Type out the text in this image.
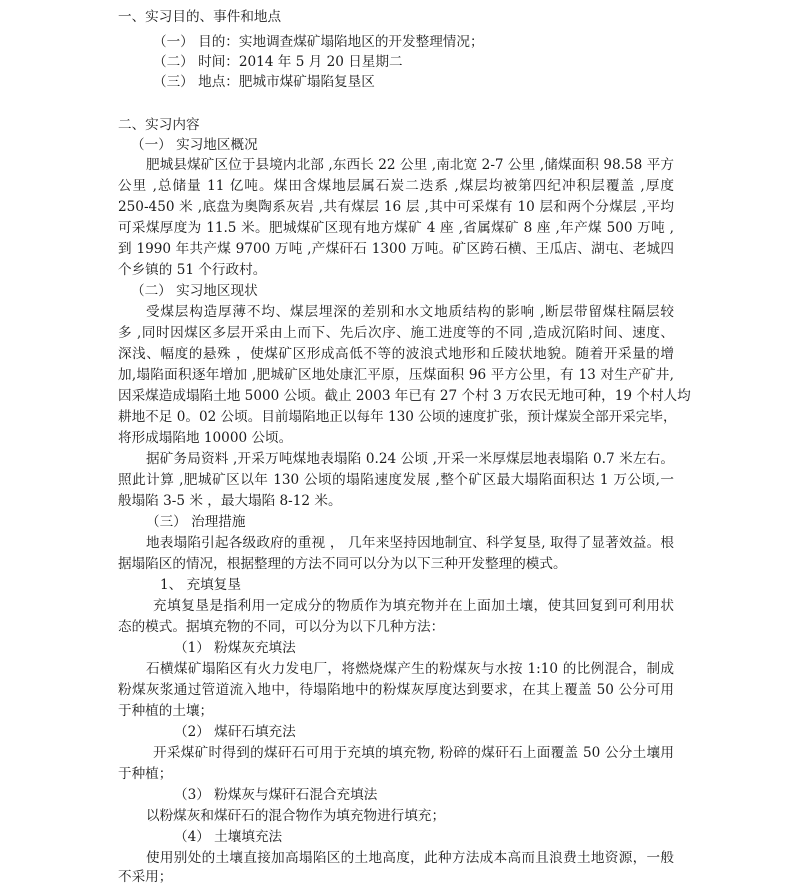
一、实习目的、事件和地点
（一） 目的：实地调查煤矿塌陷地区的开发整理情况；
（二） 时间：2014 年 5 月 20 日星期二
（三） 地点：肥城市煤矿塌陷复垦区
二、实习内容
（一） 实习地区概况
肥城县煤矿区位于县境内北部 ,东西长 22 公里 ,南北宽 2-7 公里 ,储煤面积 98.58 平方
公里 ,总储量 11 亿吨。煤田含煤地层属石炭二迭系 ,煤层均被第四纪冲积层覆盖 ,厚度
250-450 米 ,底盘为奥陶系灰岩 ,共有煤层 16 层 ,其中可采煤有 10 层和两个分煤层 ,平均
可采煤厚度为 11.5 米。肥城煤矿区现有地方煤矿 4 座 ,省属煤矿 8 座 ,年产煤 500 万吨 ,
到 1990 年共产煤 9700 万吨 ,产煤矸石 1300 万吨。矿区跨石横、王瓜店、湖屯、老城四
个乡镇的 51 个行政村。
（二） 实习地区现状
受煤层构造厚薄不均、煤层埋深的差别和水文地质结构的影响 ,断层带留煤柱隔层较
多 ,同时因煤区多层开采由上而下、先后次序、施工进度等的不同 ,造成沉陷时间、速度、
深浅、幅度的悬殊 ，使煤矿区形成高低不等的波浪式地形和丘陵状地貌。随着开采量的增
加,塌陷面积逐年增加 ,肥城矿区地处康汇平原，压煤面积 96 平方公里，有 13 对生产矿井,
因采煤造成塌陷土地 5000 公顷。截止 2003 年已有 27 个村 3 万农民无地可种，19 个村人均
耕地不足 0。02 公顷。目前塌陷地正以每年 130 公顷的速度扩张，预计煤炭全部开采完毕，
将形成塌陷地 10000 公顷。
据矿务局资料 ,开采万吨煤地表塌陷 0.24 公顷 ,开采一米厚煤层地表塌陷 0.7 米左右。
照此计算 ,肥城矿区以年 130 公顷的塌陷速度发展 ,整个矿区最大塌陷面积达 1 万公顷,一
般塌陷 3-5 米 ，最大塌陷 8-12 米。
（三） 治理措施
地表塌陷引起各级政府的重视 ， 几年来坚持因地制宜、科学复垦, 取得了显著效益。根
据塌陷区的情况，根据整理的方法不同可以分为以下三种开发整理的模式。
1、 充填复垦
充填复垦是指利用一定成分的物质作为填充物并在上面加土壤，使其回复到可利用状
态的模式。据填充物的不同，可以分为以下几种方法：
（1） 粉煤灰充填法
石横煤矿塌陷区有火力发电厂，将燃烧煤产生的粉煤灰与水按 1:10 的比例混合，制成
粉煤灰浆通过管道流入地中，待塌陷地中的粉煤灰厚度达到要求，在其上覆盖 50 公分可用
于种植的土壤；
（2） 煤矸石填充法
开采煤矿时得到的煤矸石可用于充填的填充物, 粉碎的煤矸石上面覆盖 50 公分土壤用
于种植；
（3） 粉煤灰与煤矸石混合充填法
以粉煤灰和煤矸石的混合物作为填充物进行填充；
（4） 土壤填充法
使用别处的土壤直接加高塌陷区的土地高度，此种方法成本高而且浪费土地资源，一般
不采用；
